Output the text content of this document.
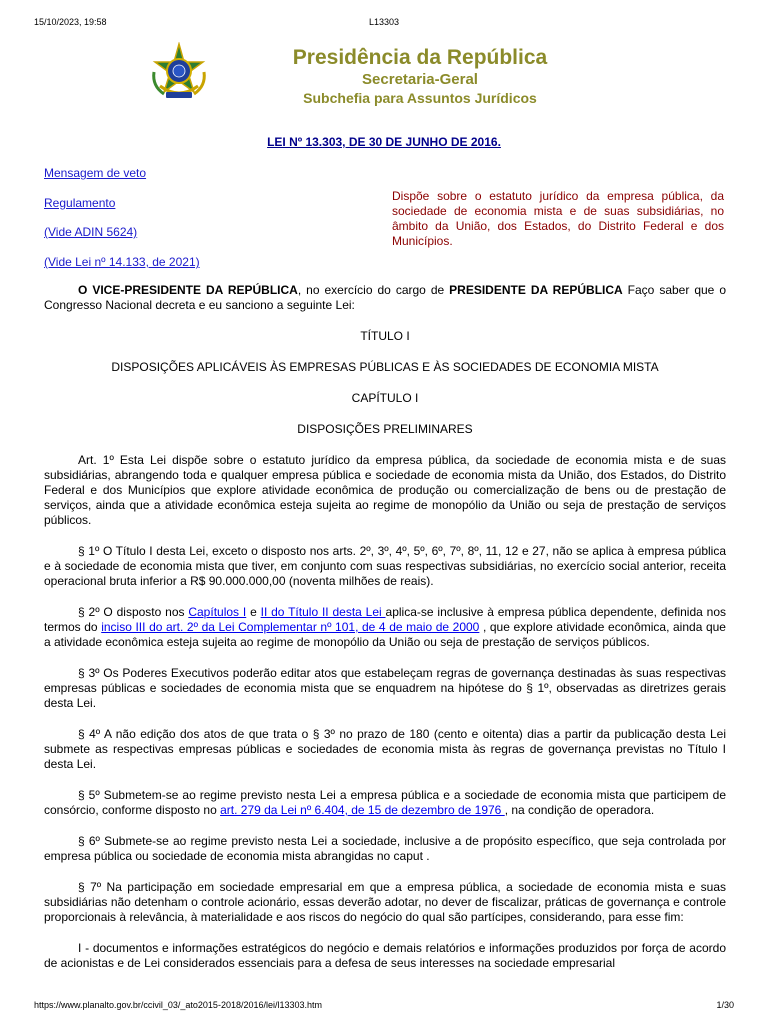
15/10/2023, 19:58	L13303
Presidência da República
Secretaria-Geral
Subchefia para Assuntos Jurídicos
LEI Nº 13.303, DE 30 DE JUNHO DE 2016.
Mensagem de veto
Regulamento
(Vide ADIN 5624)
(Vide Lei nº 14.133, de 2021)
Dispõe sobre o estatuto jurídico da empresa pública, da sociedade de economia mista e de suas subsidiárias, no âmbito da União, dos Estados, do Distrito Federal e dos Municípios.

O VICE-PRESIDENTE DA REPÚBLICA, no exercício do cargo de PRESIDENTE DA REPÚBLICA Faço saber que o Congresso Nacional decreta e eu sanciono a seguinte Lei:

TÍTULO I

DISPOSIÇÕES APLICÁVEIS ÀS EMPRESAS PÚBLICAS E ÀS SOCIEDADES DE ECONOMIA MISTA

CAPÍTULO I

DISPOSIÇÕES PRELIMINARES

Art. 1º Esta Lei dispõe sobre o estatuto jurídico da empresa pública, da sociedade de economia mista e de suas subsidiárias, abrangendo toda e qualquer empresa pública e sociedade de economia mista da União, dos Estados, do Distrito Federal e dos Municípios que explore atividade econômica de produção ou comercialização de bens ou de prestação de serviços, ainda que a atividade econômica esteja sujeita ao regime de monopólio da União ou seja de prestação de serviços públicos.

§ 1º O Título I desta Lei, exceto o disposto nos arts. 2º, 3º, 4º, 5º, 6º, 7º, 8º, 11, 12 e 27, não se aplica à empresa pública e à sociedade de economia mista que tiver, em conjunto com suas respectivas subsidiárias, no exercício social anterior, receita operacional bruta inferior a R$ 90.000.000,00 (noventa milhões de reais).

§ 2º O disposto nos Capítulos I e II do Título II desta Lei aplica-se inclusive à empresa pública dependente, definida nos termos do inciso III do art. 2º da Lei Complementar nº 101, de 4 de maio de 2000 , que explore atividade econômica, ainda que a atividade econômica esteja sujeita ao regime de monopólio da União ou seja de prestação de serviços públicos.

§ 3º Os Poderes Executivos poderão editar atos que estabeleçam regras de governança destinadas às suas respectivas empresas públicas e sociedades de economia mista que se enquadrem na hipótese do § 1º, observadas as diretrizes gerais desta Lei.

§ 4º A não edição dos atos de que trata o § 3º no prazo de 180 (cento e oitenta) dias a partir da publicação desta Lei submete as respectivas empresas públicas e sociedades de economia mista às regras de governança previstas no Título I desta Lei.

§ 5º Submetem-se ao regime previsto nesta Lei a empresa pública e a sociedade de economia mista que participem de consórcio, conforme disposto no art. 279 da Lei nº 6.404, de 15 de dezembro de 1976 , na condição de operadora.

§ 6º Submete-se ao regime previsto nesta Lei a sociedade, inclusive a de propósito específico, que seja controlada por empresa pública ou sociedade de economia mista abrangidas no caput .

§ 7º Na participação em sociedade empresarial em que a empresa pública, a sociedade de economia mista e suas subsidiárias não detenham o controle acionário, essas deverão adotar, no dever de fiscalizar, práticas de governança e controle proporcionais à relevância, à materialidade e aos riscos do negócio do qual são partícipes, considerando, para esse fim:

I - documentos e informações estratégicos do negócio e demais relatórios e informações produzidos por força de acordo de acionistas e de Lei considerados essenciais para a defesa de seus interesses na sociedade empresarial

https://www.planalto.gov.br/ccivil_03/_ato2015-2018/2016/lei/l13303.htm	1/30
